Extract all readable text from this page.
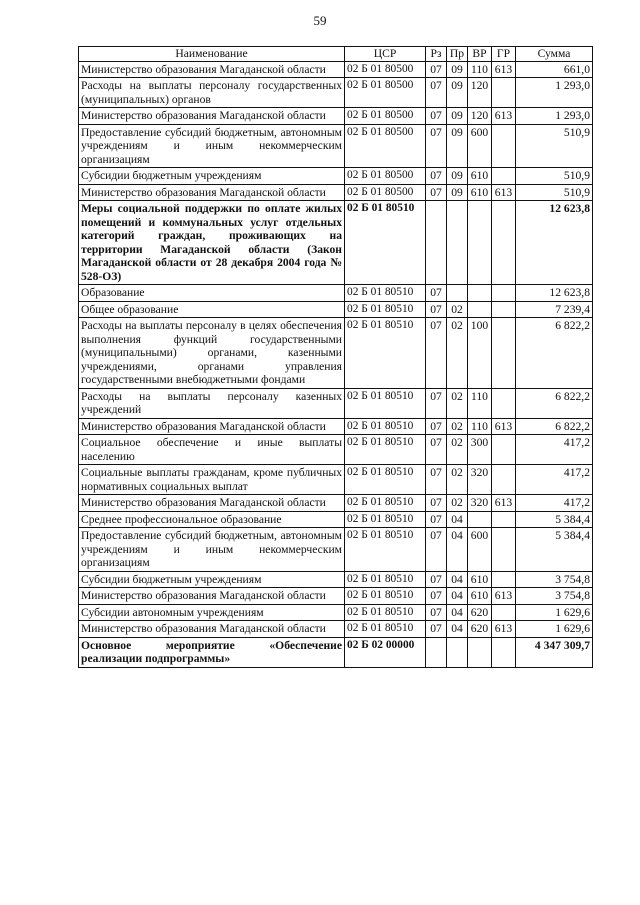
59
Наименование	ЦСР	Рз	Пр	ВР	ГР	Сумма
Министерство образования Магаданской области	02 Б 01 80500	07	09	110	613	661,0
Расходы на выплаты персоналу государственных (муниципальных) органов	02 Б 01 80500	07	09	120		1 293,0
Министерство образования Магаданской области	02 Б 01 80500	07	09	120	613	1 293,0
Предоставление субсидий бюджетным, автономным учреждениям и иным некоммерческим организациям	02 Б 01 80500	07	09	600		510,9
Субсидии бюджетным учреждениям	02 Б 01 80500	07	09	610		510,9
Министерство образования Магаданской области	02 Б 01 80500	07	09	610	613	510,9
Меры социальной поддержки по оплате жилых помещений и коммунальных услуг отдельных категорий граждан, проживающих на территории Магаданской области (Закон Магаданской области от 28 декабря 2004 года № 528-ОЗ)	02 Б 01 80510					12 623,8
Образование	02 Б 01 80510	07				12 623,8
Общее образование	02 Б 01 80510	07	02			7 239,4
Расходы на выплаты персоналу в целях обеспечения выполнения функций государственными (муниципальными) органами, казенными учреждениями, органами управления государственными внебюджетными фондами	02 Б 01 80510	07	02	100		6 822,2
Расходы на выплаты персоналу казенных учреждений	02 Б 01 80510	07	02	110		6 822,2
Министерство образования Магаданской области	02 Б 01 80510	07	02	110	613	6 822,2
Социальное обеспечение и иные выплаты населению	02 Б 01 80510	07	02	300		417,2
Социальные выплаты гражданам, кроме публичных нормативных социальных выплат	02 Б 01 80510	07	02	320		417,2
Министерство образования Магаданской области	02 Б 01 80510	07	02	320	613	417,2
Среднее профессиональное образование	02 Б 01 80510	07	04			5 384,4
Предоставление субсидий бюджетным, автономным учреждениям и иным некоммерческим организациям	02 Б 01 80510	07	04	600		5 384,4
Субсидии бюджетным учреждениям	02 Б 01 80510	07	04	610		3 754,8
Министерство образования Магаданской области	02 Б 01 80510	07	04	610	613	3 754,8
Субсидии автономным учреждениям	02 Б 01 80510	07	04	620		1 629,6
Министерство образования Магаданской области	02 Б 01 80510	07	04	620	613	1 629,6
Основное мероприятие «Обеспечение реализации подпрограммы»	02 Б 02 00000					4 347 309,7
